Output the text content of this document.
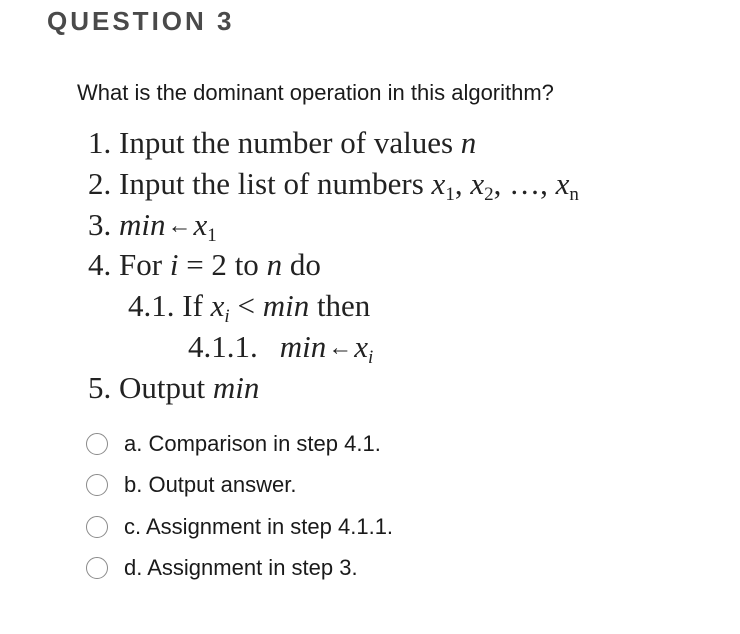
QUESTION 3
What is the dominant operation in this algorithm?
1. Input the number of values n
2. Input the list of numbers $x_1$, $x_2$, …, $x_n$
3. $\min\leftarrow x_1$
4. For i = 2 to n do
4.1. If $x_i < \min$ then
4.1.1. $\min\leftarrow x_i$
5. Output min
a. Comparison in step 4.1.
b. Output answer.
c. Assignment in step 4.1.1.
d. Assignment in step 3.
